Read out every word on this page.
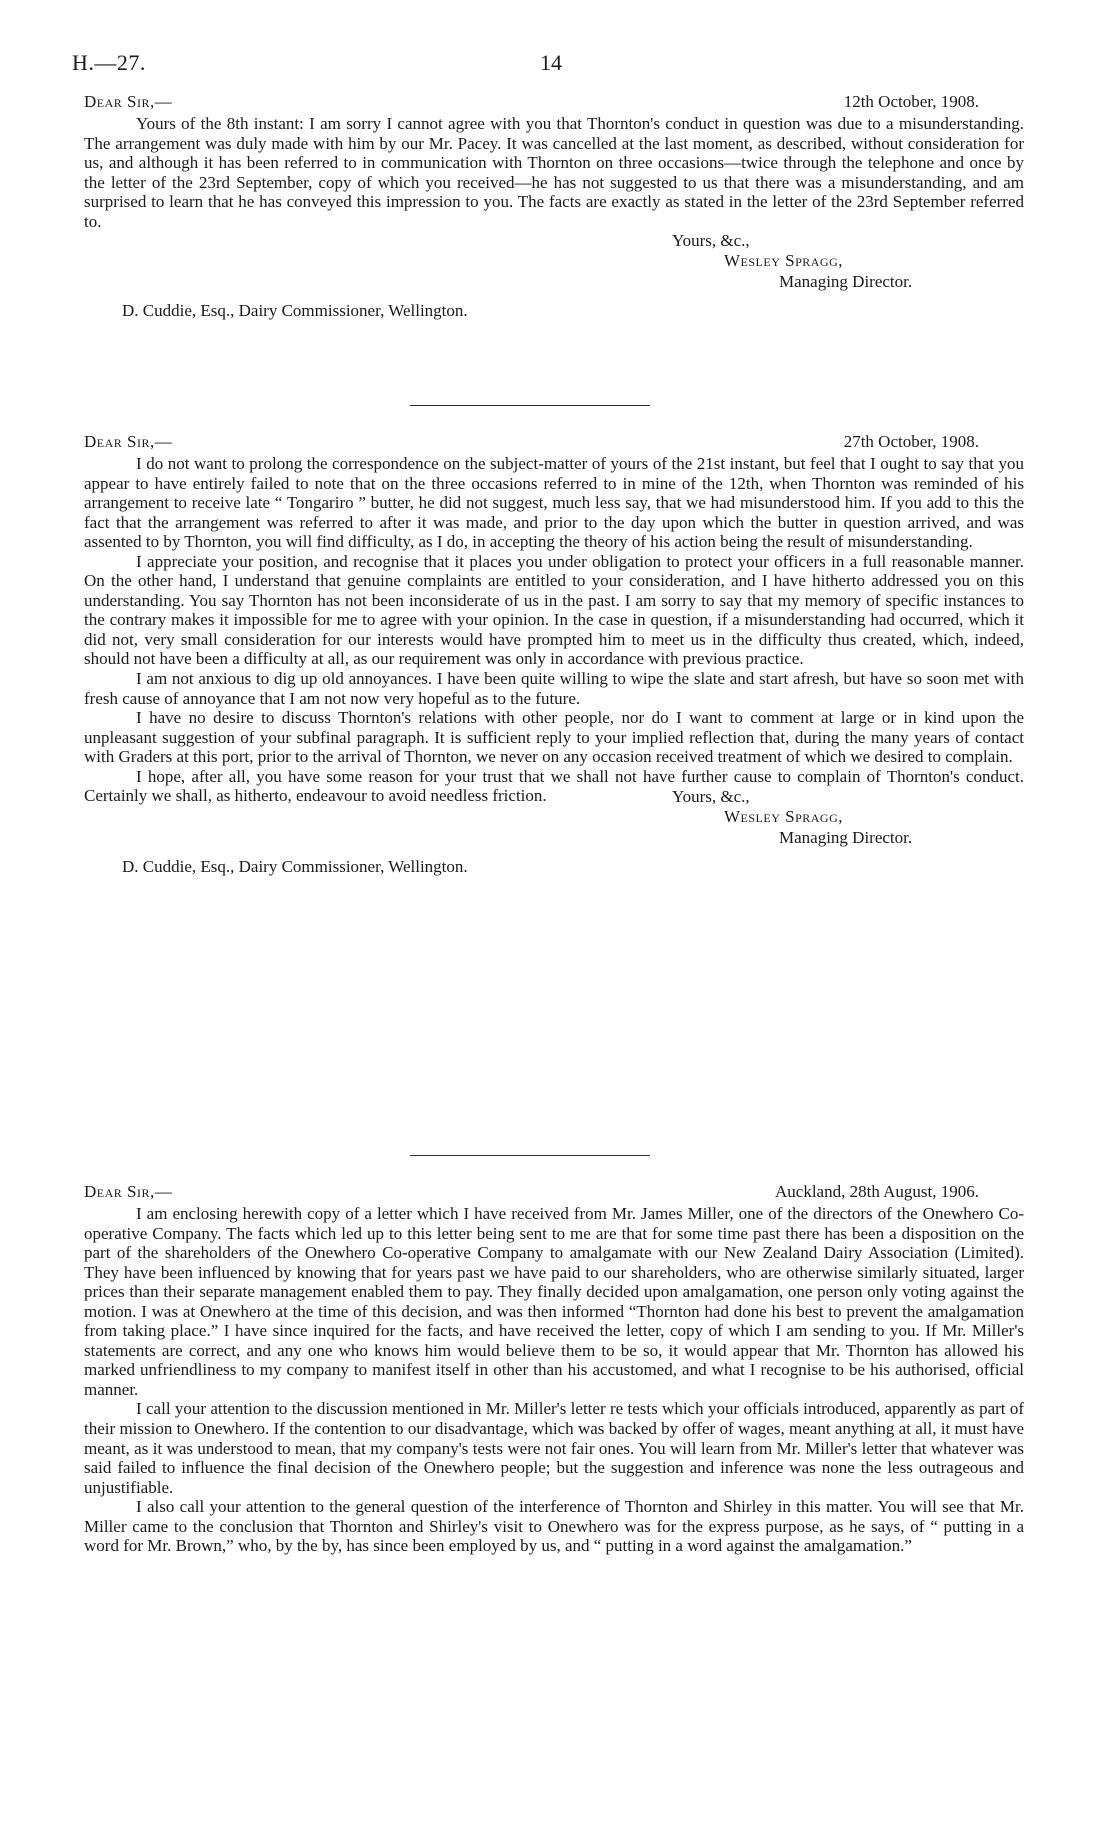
H.—27.	14
Dear Sir,—	12th October, 1908.

Yours of the 8th instant: I am sorry I cannot agree with you that Thornton's conduct in question was due to a misunderstanding. The arrangement was duly made with him by our Mr. Pacey. It was cancelled at the last moment, as described, without consideration for us, and although it has been referred to in communication with Thornton on three occasions—twice through the telephone and once by the letter of the 23rd September, copy of which you received—he has not suggested to us that there was a misunderstanding, and am surprised to learn that he has conveyed this impression to you. The facts are exactly as stated in the letter of the 23rd September referred to.

Yours, &c.,
Wesley Spragg,
Managing Director.
D. Cuddie, Esq., Dairy Commissioner, Wellington.
Dear Sir,—	27th October, 1908.

I do not want to prolong the correspondence on the subject-matter of yours of the 21st instant, but feel that I ought to say that you appear to have entirely failed to note that on the three occasions referred to in mine of the 12th, when Thornton was reminded of his arrangement to receive late “ Tongariro ” butter, he did not suggest, much less say, that we had misunderstood him. If you add to this the fact that the arrangement was referred to after it was made, and prior to the day upon which the butter in question arrived, and was assented to by Thornton, you will find difficulty, as I do, in accepting the theory of his action being the result of misunderstanding.

I appreciate your position, and recognise that it places you under obligation to protect your officers in a full reasonable manner. On the other hand, I understand that genuine complaints are entitled to your consideration, and I have hitherto addressed you on this understanding. You say Thornton has not been inconsiderate of us in the past. I am sorry to say that my memory of specific instances to the contrary makes it impossible for me to agree with your opinion. In the case in question, if a misunderstanding had occurred, which it did not, very small consideration for our interests would have prompted him to meet us in the difficulty thus created, which, indeed, should not have been a difficulty at all, as our requirement was only in accordance with previous practice.

I am not anxious to dig up old annoyances. I have been quite willing to wipe the slate and start afresh, but have so soon met with fresh cause of annoyance that I am not now very hopeful as to the future.

I have no desire to discuss Thornton's relations with other people, nor do I want to comment at large or in kind upon the unpleasant suggestion of your subfinal paragraph. It is sufficient reply to your implied reflection that, during the many years of contact with Graders at this port, prior to the arrival of Thornton, we never on any occasion received treatment of which we desired to complain.

I hope, after all, you have some reason for your trust that we shall not have further cause to complain of Thornton's conduct. Certainly we shall, as hitherto, endeavour to avoid needless friction.	Yours, &c.,
Wesley Spragg,
Managing Director.
D. Cuddie, Esq., Dairy Commissioner, Wellington.
Dear Sir,—	Auckland, 28th August, 1906.

I am enclosing herewith copy of a letter which I have received from Mr. James Miller, one of the directors of the Onewhero Co-operative Company. The facts which led up to this letter being sent to me are that for some time past there has been a disposition on the part of the shareholders of the Onewhero Co-operative Company to amalgamate with our New Zealand Dairy Association (Limited). They have been influenced by knowing that for years past we have paid to our shareholders, who are otherwise similarly situated, larger prices than their separate management enabled them to pay. They finally decided upon amalgamation, one person only voting against the motion. I was at Onewhero at the time of this decision, and was then informed “Thornton had done his best to prevent the amalgamation from taking place.” I have since inquired for the facts, and have received the letter, copy of which I am sending to you. If Mr. Miller's statements are correct, and any one who knows him would believe them to be so, it would appear that Mr. Thornton has allowed his marked unfriendliness to my company to manifest itself in other than his accustomed, and what I recognise to be his authorised, official manner.

I call your attention to the discussion mentioned in Mr. Miller's letter re tests which your officials introduced, apparently as part of their mission to Onewhero. If the contention to our disadvantage, which was backed by offer of wages, meant anything at all, it must have meant, as it was understood to mean, that my company's tests were not fair ones. You will learn from Mr. Miller's letter that whatever was said failed to influence the final decision of the Onewhero people; but the suggestion and inference was none the less outrageous and unjustifiable.

I also call your attention to the general question of the interference of Thornton and Shirley in this matter. You will see that Mr. Miller came to the conclusion that Thornton and Shirley's visit to Onewhero was for the express purpose, as he says, of “ putting in a word for Mr. Brown,” who, by the by, has since been employed by us, and “ putting in a word against the amalgamation.”
